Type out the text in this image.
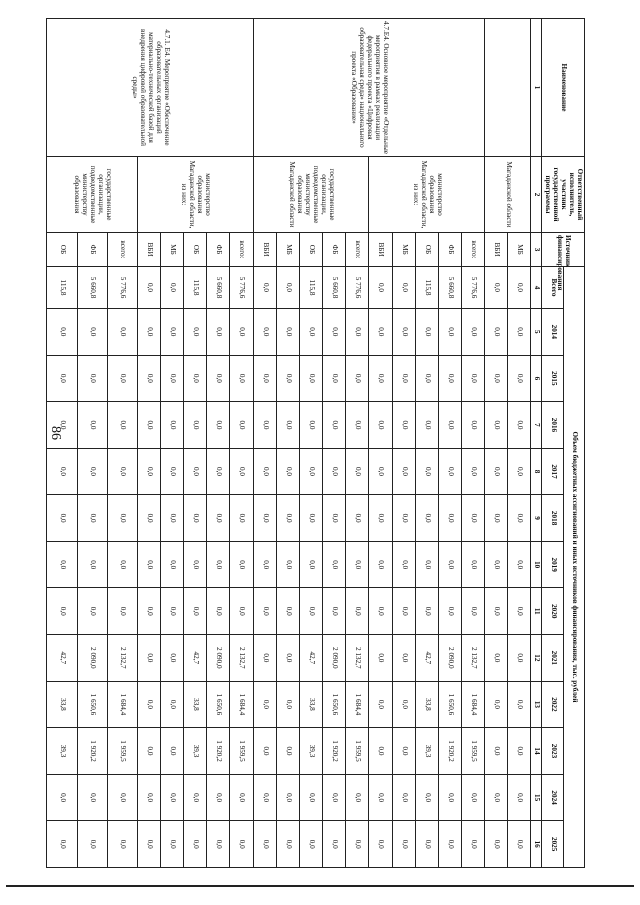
86
Наименование	Ответственный исполнитель, участник государственной программы	Источник финансирования	Объем бюджетных ассигнований и иных источников финансирования, тыс. рублей												
			Всего	2014	2015	2016	2017	2018	2019	2020	2021	2022	2023	2024	2025
1	2	3	4	5	6	7	8	9	10	11	12	13	14	15	16
	Магаданской области	МБ	0,0	0,0	0,0	0,0	0,0	0,0	0,0	0,0	0,0	0,0	0,0	0,0	0,0
		ВБИ	0,0	0,0	0,0	0,0	0,0	0,0	0,0	0,0	0,0	0,0	0,0	0,0	0,0
4.7.Е4. Основное мероприятие «Отдельные мероприятия в рамках реализации федерального проекта «Цифровая образовательная среда» национального проекта «Образование»	министерство образования Магаданской области, из них:	всего:	5 776,6	0,0	0,0	0,0	0,0	0,0	0,0	0,0	2 132,7	1 684,4	1 959,5	0,0	0,0
		ФБ	5 660,8	0,0	0,0	0,0	0,0	0,0	0,0	0,0	2 090,0	1 650,6	1 920,2	0,0	0,0
		ОБ	115,8	0,0	0,0	0,0	0,0	0,0	0,0	0,0	42,7	33,8	39,3	0,0	0,0
		МБ	0,0	0,0	0,0	0,0	0,0	0,0	0,0	0,0	0,0	0,0	0,0	0,0	0,0
		ВБИ	0,0	0,0	0,0	0,0	0,0	0,0	0,0	0,0	0,0	0,0	0,0	0,0	0,0
	государственные организации, подведомственные министерству образования Магаданской области	всего:	5 776,6	0,0	0,0	0,0	0,0	0,0	0,0	0,0	2 132,7	1 684,4	1 959,5	0,0	0,0
		ФБ	5 660,8	0,0	0,0	0,0	0,0	0,0	0,0	0,0	2 090,0	1 650,6	1 920,2	0,0	0,0
		ОБ	115,8	0,0	0,0	0,0	0,0	0,0	0,0	0,0	42,7	33,8	39,3	0,0	0,0
		МБ	0,0	0,0	0,0	0,0	0,0	0,0	0,0	0,0	0,0	0,0	0,0	0,0	0,0
		ВБИ	0,0	0,0	0,0	0,0	0,0	0,0	0,0	0,0	0,0	0,0	0,0	0,0	0,0
4.7.1. Е4. Мероприятие «Обеспечение образовательных организаций материально-технической базой для внедрения цифровой образовательной среды»	министерство образования Магаданской области, из них:	всего:	5 776,6	0,0	0,0	0,0	0,0	0,0	0,0	0,0	2 132,7	1 684,4	1 959,5	0,0	0,0
		ФБ	5 660,8	0,0	0,0	0,0	0,0	0,0	0,0	0,0	2 090,0	1 650,6	1 920,2	0,0	0,0
		ОБ	115,8	0,0	0,0	0,0	0,0	0,0	0,0	0,0	42,7	33,8	39,3	0,0	0,0
		МБ	0,0	0,0	0,0	0,0	0,0	0,0	0,0	0,0	0,0	0,0	0,0	0,0	0,0
		ВБИ	0,0	0,0	0,0	0,0	0,0	0,0	0,0	0,0	0,0	0,0	0,0	0,0	0,0
	государственные организации, подведомственные министерству образования	всего:	5 776,6	0,0	0,0	0,0	0,0	0,0	0,0	0,0	2 132,7	1 684,4	1 959,5	0,0	0,0
		ФБ	5 660,8	0,0	0,0	0,0	0,0	0,0	0,0	0,0	2 090,0	1 650,6	1 920,2	0,0	0,0
		ОБ	115,8	0,0	0,0	0,0	0,0	0,0	0,0	0,0	42,7	33,8	39,3	0,0	0,0
